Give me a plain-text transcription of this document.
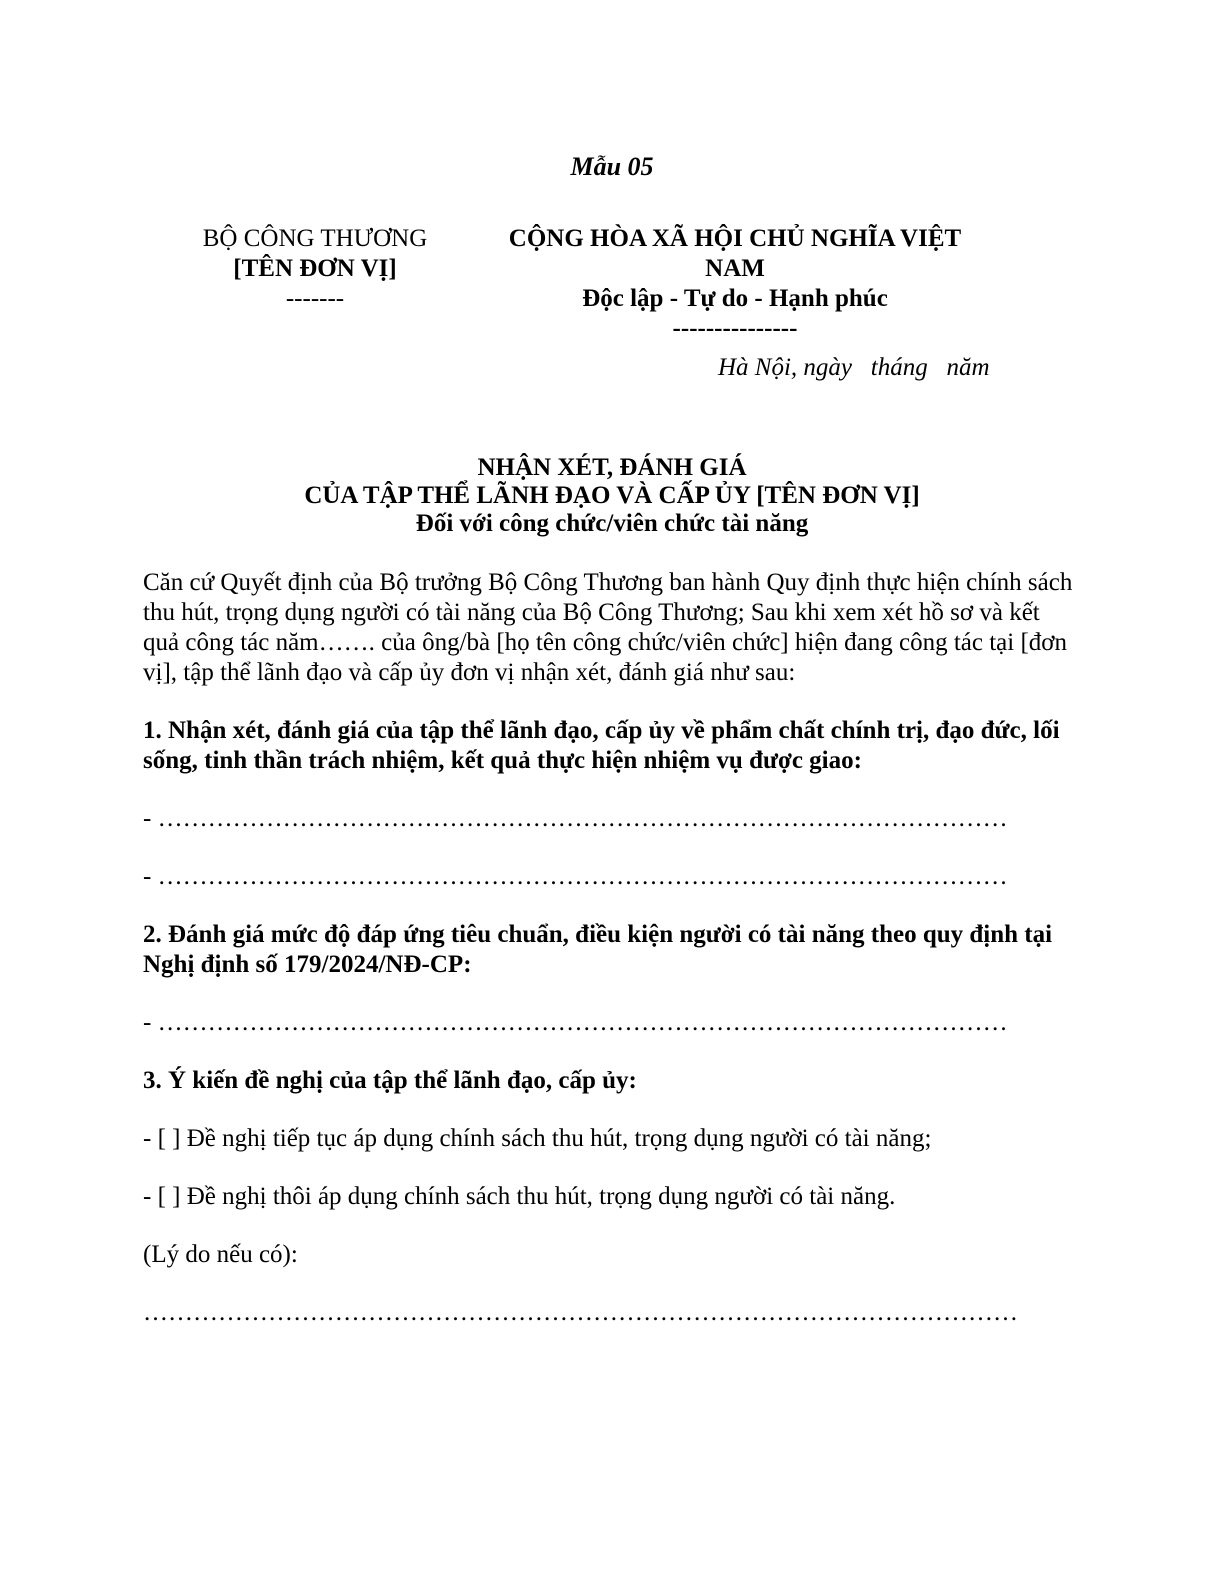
Mẫu 05
BỘ CÔNG THƯƠNG
[TÊN ĐƠN VỊ]
-------
CỘNG HÒA XÃ HỘI CHỦ NGHĨA VIỆT
NAM
Độc lập - Tự do - Hạnh phúc
---------------
Hà Nội, ngày   tháng   năm
NHẬN XÉT, ĐÁNH GIÁ
CỦA TẬP THỂ LÃNH ĐẠO VÀ CẤP ỦY [TÊN ĐƠN VỊ]
Đối với công chức/viên chức tài năng

Căn cứ Quyết định của Bộ trưởng Bộ Công Thương ban hành Quy định thực hiện chính sách thu hút, trọng dụng người có tài năng của Bộ Công Thương; Sau khi xem xét hồ sơ và kết quả công tác năm……. của ông/bà [họ tên công chức/viên chức] hiện đang công tác tại [đơn vị], tập thể lãnh đạo và cấp ủy đơn vị nhận xét, đánh giá như sau:

1. Nhận xét, đánh giá của tập thể lãnh đạo, cấp ủy về phẩm chất chính trị, đạo đức, lối sống, tinh thần trách nhiệm, kết quả thực hiện nhiệm vụ được giao:

- …………………………………………………………………………………………

- …………………………………………………………………………………………

2. Đánh giá mức độ đáp ứng tiêu chuẩn, điều kiện người có tài năng theo quy định tại Nghị định số 179/2024/NĐ-CP:

- …………………………………………………………………………………………

3. Ý kiến đề nghị của tập thể lãnh đạo, cấp ủy:

- [ ] Đề nghị tiếp tục áp dụng chính sách thu hút, trọng dụng người có tài năng;

- [ ] Đề nghị thôi áp dụng chính sách thu hút, trọng dụng người có tài năng.

(Lý do nếu có):

……………………………………………………………………………………………
